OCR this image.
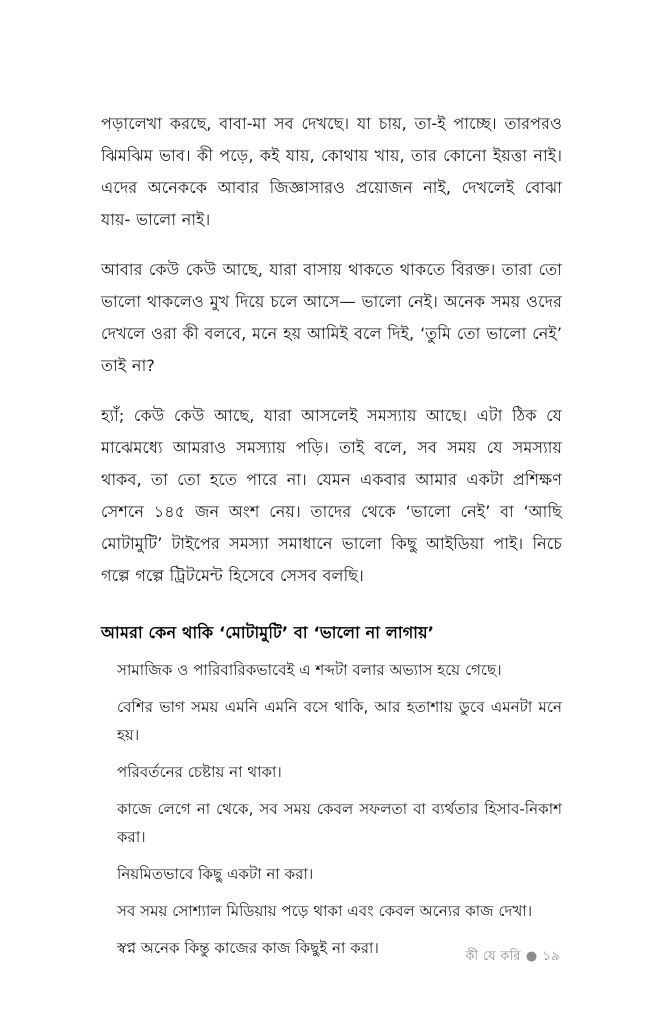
পড়ালেখা করছে, বাবা-মা সব দেখছে। যা চায়, তা-ই পাচ্ছে। তারপরও ঝিমঝিম ভাব। কী পড়ে, কই যায়, কোথায় খায়, তার কোনো ইয়ত্তা নাই। এদের অনেককে আবার জিজ্ঞাসারও প্রয়োজন নাই, দেখলেই বোঝা যায়- ভালো নাই।

আবার কেউ কেউ আছে, যারা বাসায় থাকতে থাকতে বিরক্ত। তারা তো ভালো থাকলেও মুখ দিয়ে চলে আসে— ভালো নেই। অনেক সময় ওদের দেখলে ওরা কী বলবে, মনে হয় আমিই বলে দিই, ‘তুমি তো ভালো নেই’ তাই না?

হ্যাঁ; কেউ কেউ আছে, যারা আসলেই সমস্যায় আছে। এটা ঠিক যে মাঝেমধ্যে আমরাও সমস্যায় পড়ি। তাই বলে, সব সময় যে সমস্যায় থাকব, তা তো হতে পারে না। যেমন একবার আমার একটা প্রশিক্ষণ সেশনে ১৪৫ জন অংশ নেয়। তাদের থেকে ‘ভালো নেই’ বা ‘আছি মোটামুটি’ টাইপের সমস্যা সমাধানে ভালো কিছু আইডিয়া পাই। নিচে গল্পে গল্পে ট্রিটমেন্ট হিসেবে সেসব বলছি।

আমরা কেন থাকি ‘মোটামুটি’ বা ‘ভালো না লাগায়’
সামাজিক ও পারিবারিকভাবেই এ শব্দটা বলার অভ্যাস হয়ে গেছে।
বেশির ভাগ সময় এমনি এমনি বসে থাকি, আর হতাশায় ডুবে এমনটা মনে হয়।
পরিবর্তনের চেষ্টায় না থাকা।
কাজে লেগে না থেকে, সব সময় কেবল সফলতা বা ব্যর্থতার হিসাব-নিকাশ করা।
নিয়মিতভাবে কিছু একটা না করা।
সব সময় সোশ্যাল মিডিয়ায় পড়ে থাকা এবং কেবল অন্যের কাজ দেখা।
স্বপ্ন অনেক কিন্তু কাজের কাজ কিছুই না করা।	কী যে করি ● ১৯
